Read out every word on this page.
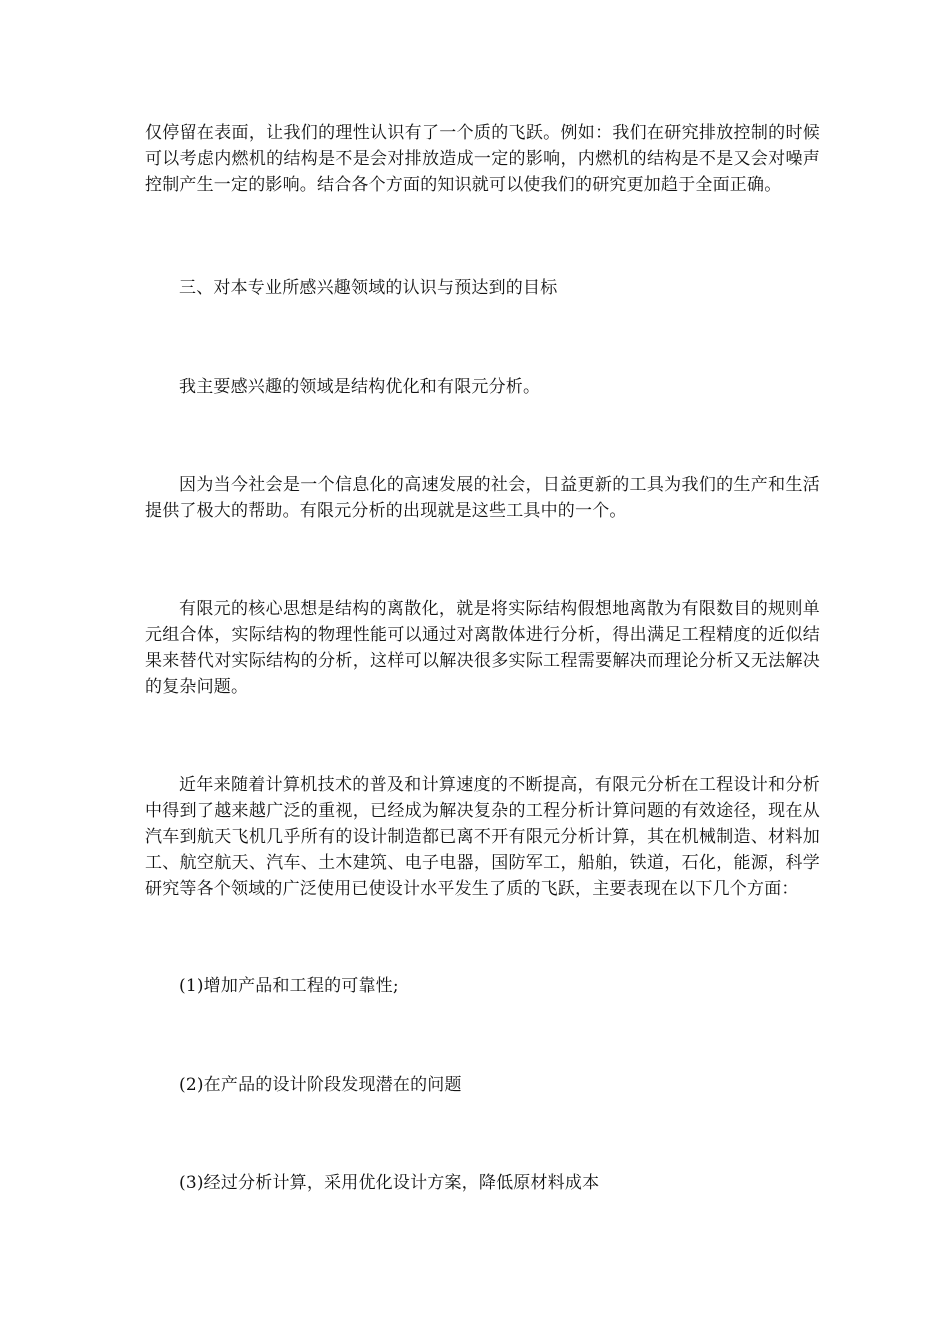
仅停留在表面，让我们的理性认识有了一个质的飞跃。例如：我们在研究排放控制的时候可以考虑内燃机的结构是不是会对排放造成一定的影响，内燃机的结构是不是又会对噪声控制产生一定的影响。结合各个方面的知识就可以使我们的研究更加趋于全面正确。

三、对本专业所感兴趣领域的认识与预达到的目标

我主要感兴趣的领域是结构优化和有限元分析。

因为当今社会是一个信息化的高速发展的社会，日益更新的工具为我们的生产和生活提供了极大的帮助。有限元分析的出现就是这些工具中的一个。

有限元的核心思想是结构的离散化，就是将实际结构假想地离散为有限数目的规则单元组合体，实际结构的物理性能可以通过对离散体进行分析，得出满足工程精度的近似结果来替代对实际结构的分析，这样可以解决很多实际工程需要解决而理论分析又无法解决的复杂问题。

近年来随着计算机技术的普及和计算速度的不断提高，有限元分析在工程设计和分析中得到了越来越广泛的重视，已经成为解决复杂的工程分析计算问题的有效途径，现在从汽车到航天飞机几乎所有的设计制造都已离不开有限元分析计算，其在机械制造、材料加工、航空航天、汽车、土木建筑、电子电器，国防军工，船舶，铁道，石化，能源，科学研究等各个领域的广泛使用已使设计水平发生了质的飞跃，主要表现在以下几个方面：

(1)增加产品和工程的可靠性;

(2)在产品的设计阶段发现潜在的问题

(3)经过分析计算，采用优化设计方案，降低原材料成本
